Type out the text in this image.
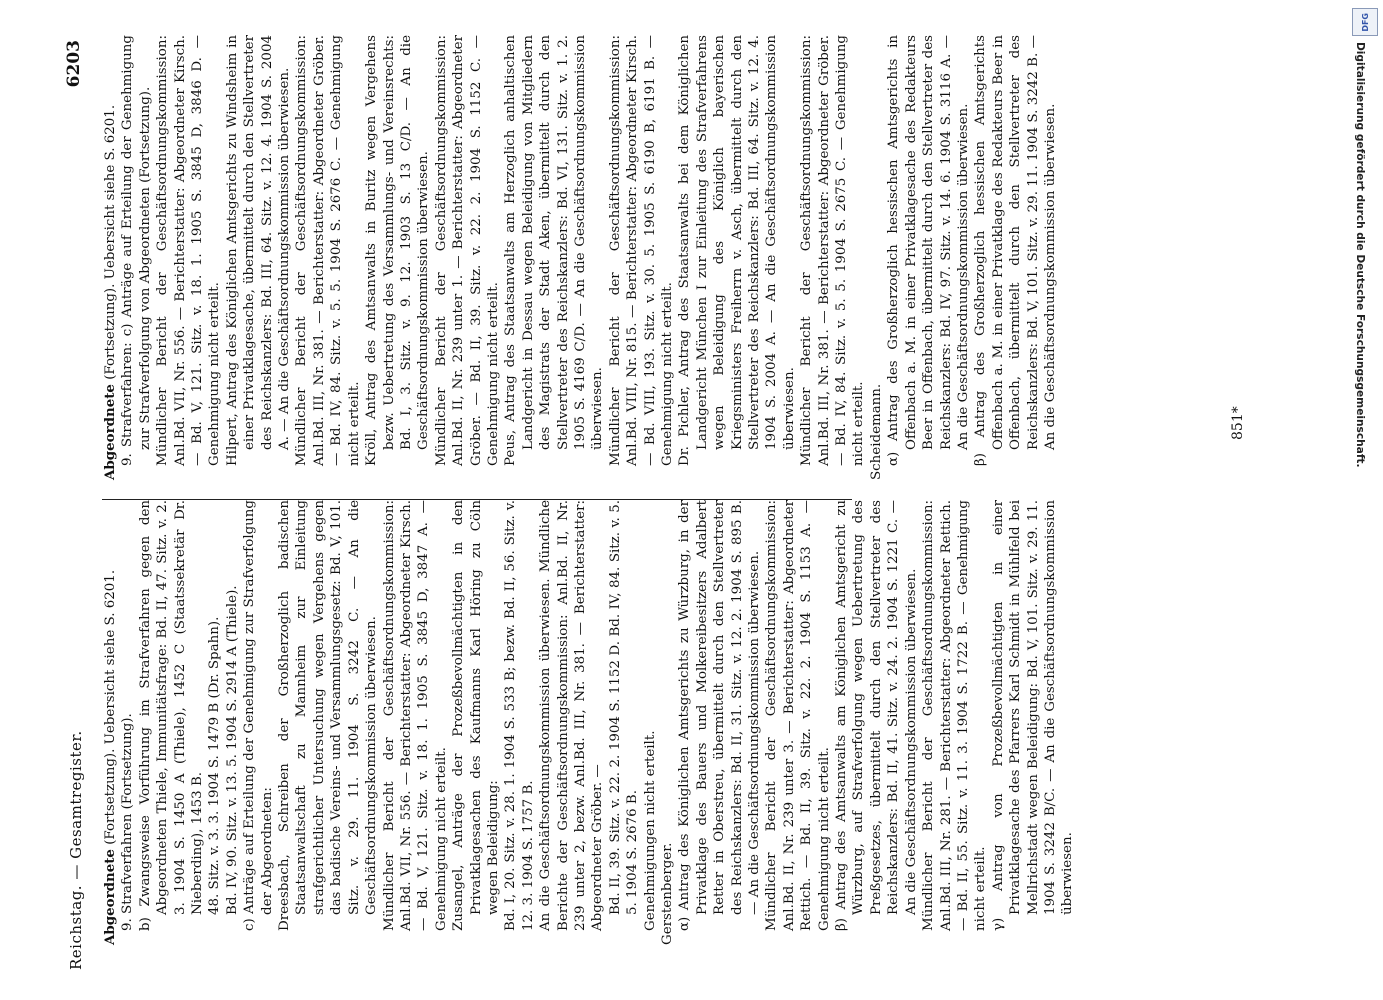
Reichstag. — Gesamtregister.
6203

Abgeordnete (Fortsetzung). Uebersicht siehe S. 6201. 9. Strafverfahren (Fortsetzung). b) Zwangsweise Vorführung im Strafverfahren gegen den Abgeordneten Thiele, Immunitätsfrage: Bd. II, 47. Sitz. v. 2. 3. 1904 S. 1450 A (Thiele), 1452 C (Staatssekretär Dr. Nieberding), 1453 B. 48. Sitz. v. 3. 3. 1904 S. 1479 B (Dr. Spahn). Bd. IV, 90. Sitz. v. 13. 5. 1904 S. 2914 A (Thiele). c) Anträge auf Erteilung der Genehmigung zur Strafverfolgung der Abgeordneten: Dreesbach, Schreiben der Großherzoglich badischen Staatsanwaltschaft zu Mannheim zur Einleitung strafgerichtlicher Untersuchung wegen Vergehens gegen das badische Vereins- und Versammlungsgesetz: Bd. V, 101. Sitz. v. 29. 11. 1904 S. 3242 C. — An die Geschäftsordnungskommission überwiesen. Mündlicher Bericht der Geschäftsordnungskommission: Anl.Bd. VII, Nr. 556. — Berichterstatter: Abgeordneter Kirsch. — Bd. V, 121. Sitz. v. 18. 1. 1905 S. 3845 D, 3847 A. — Genehmigung nicht erteilt. Zusangel, Anträge der Prozeßbevollmächtigten in den Privatklagesachen des Kaufmanns Karl Höring zu Cöln wegen Beleidigung: Bd. I, 20. Sitz. v. 28. 1. 1904 S. 533 B; bezw. Bd. II, 56. Sitz. v. 12. 3. 1904 S. 1757 B. An die Geschäftsordnungskommission überwiesen. Mündliche Berichte der Geschäftsordnungskommission: Anl.Bd. II, Nr. 239 unter 2, bezw. Anl.Bd. III, Nr. 381. — Berichterstatter: Abgeordneter Gröber. — Bd. II, 39. Sitz. v. 22. 2. 1904 S. 1152 D. Bd. IV, 84. Sitz. v. 5. 5. 1904 S. 2676 B. Genehmigungen nicht erteilt. Gerstenberger. α) Antrag des Königlichen Amtsgerichts zu Würzburg, in der Privatklage des Bauers und Molkereibesitzers Adalbert Retter in Oberstreu, übermittelt durch den Stellvertreter des Reichskanzlers: Bd. II, 31. Sitz. v. 12. 2. 1904 S. 895 B. — An die Geschäftsordnungskommission überwiesen. Mündlicher Bericht der Geschäftsordnungskommission: Anl.Bd. II, Nr. 239 unter 3. — Berichterstatter: Abgeordneter Rettich. — Bd. II, 39. Sitz. v. 22. 2. 1904 S. 1153 A. — Genehmigung nicht erteilt. β) Antrag des Amtsanwalts am Königlichen Amtsgericht zu Würzburg, auf Strafverfolgung wegen Uebertretung des Preßgesetzes, übermittelt durch den Stellvertreter des Reichskanzlers: Bd. II, 41. Sitz. v. 24. 2. 1904 S. 1221 C. — An die Geschäftsordnungskommission überwiesen. Mündlicher Bericht der Geschäftsordnungskommission: Anl.Bd. III, Nr. 281. — Berichterstatter: Abgeordneter Rettich. — Bd. II, 55. Sitz. v. 11. 3. 1904 S. 1722 B. — Genehmigung nicht erteilt. γ) Antrag von Prozeßbevollmächtigten in einer Privatklagesache des Pfarrers Karl Schmidt in Mühlfeld bei Mellrichstadt wegen Beleidigung: Bd. V, 101. Sitz. v. 29. 11. 1904 S. 3242 B/C. — An die Geschäftsordnungskommission überwiesen.

Abgeordnete (Fortsetzung). Uebersicht siehe S. 6201. 9. Strafverfahren: c) Anträge auf Erteilung der Genehmigung zur Strafverfolgung von Abgeordneten (Fortsetzung). Mündlicher Bericht der Geschäftsordnungskommission: Anl.Bd. VII, Nr. 556. — Berichterstatter: Abgeordneter Kirsch. — Bd. V, 121. Sitz. v. 18. 1. 1905 S. 3845 D, 3846 D. — Genehmigung nicht erteilt. Hilpert, Antrag des Königlichen Amtsgerichts zu Windsheim in einer Privatklagesache, übermittelt durch den Stellvertreter des Reichskanzlers: Bd. III, 64. Sitz. v. 12. 4. 1904 S. 2004 A. — An die Geschäftsordnungskommission überwiesen. Mündlicher Bericht der Geschäftsordnungskommission: Anl.Bd. III, Nr. 381. — Berichterstatter: Abgeordneter Gröber. — Bd. IV, 84. Sitz. v. 5. 5. 1904 S. 2676 C. — Genehmigung nicht erteilt. Kröll, Antrag des Amtsanwalts in Buritz wegen Vergehens bezw. Uebertretung des Versammlungs- und Vereinsrechts: Bd. I, 3. Sitz. v. 9. 12. 1903 S. 13 C/D. — An die Geschäftsordnungskommission überwiesen. Mündlicher Bericht der Geschäftsordnungskommission: Anl.Bd. II, Nr. 239 unter 1. — Berichterstatter: Abgeordneter Gröber. — Bd. II, 39. Sitz. v. 22. 2. 1904 S. 1152 C. — Genehmigung nicht erteilt. Peus, Antrag des Staatsanwalts am Herzoglich anhaltischen Landgericht in Dessau wegen Beleidigung von Mitgliedern des Magistrats der Stadt Aken, übermittelt durch den Stellvertreter des Reichskanzlers: Bd. VI, 131. Sitz. v. 1. 2. 1905 S. 4169 C/D. — An die Geschäftsordnungskommission überwiesen. Mündlicher Bericht der Geschäftsordnungskommission: Anl.Bd. VIII, Nr. 815. — Berichterstatter: Abgeordneter Kirsch. — Bd. VIII, 193. Sitz. v. 30. 5. 1905 S. 6190 B, 6191 B. — Genehmigung nicht erteilt. Dr. Pichler, Antrag des Staatsanwalts bei dem Königlichen Landgericht München I zur Einleitung des Strafverfahrens wegen Beleidigung des Königlich bayerischen Kriegsministers Freiherrn v. Asch, übermittelt durch den Stellvertreter des Reichskanzlers: Bd. III, 64. Sitz. v. 12. 4. 1904 S. 2004 A. — An die Geschäftsordnungskommission überwiesen. Mündlicher Bericht der Geschäftsordnungskommission: Anl.Bd. III, Nr. 381. — Berichterstatter: Abgeordneter Gröber. — Bd. IV, 84. Sitz. v. 5. 5. 1904 S. 2675 C. — Genehmigung nicht erteilt. Scheidemann. α) Antrag des Großherzoglich hessischen Amtsgerichts in Offenbach a. M. in einer Privatklagesache des Redakteurs Beer in Offenbach, übermittelt durch den Stellvertreter des Reichskanzlers: Bd. IV, 97. Sitz. v. 14. 6. 1904 S. 3116 A. — An die Geschäftsordnungskommission überwiesen. β) Antrag des Großherzoglich hessischen Amtsgerichts Offenbach a. M. in einer Privatklage des Redakteurs Beer in Offenbach, übermittelt durch den Stellvertreter des Reichskanzlers: Bd. V, 101. Sitz. v. 29. 11. 1904 S. 3242 B. — An die Geschäftsordnungskommission überwiesen.	851*
DFG
Digitalisierung gefördert durch die Deutsche Forschungsgemeinschaft.
